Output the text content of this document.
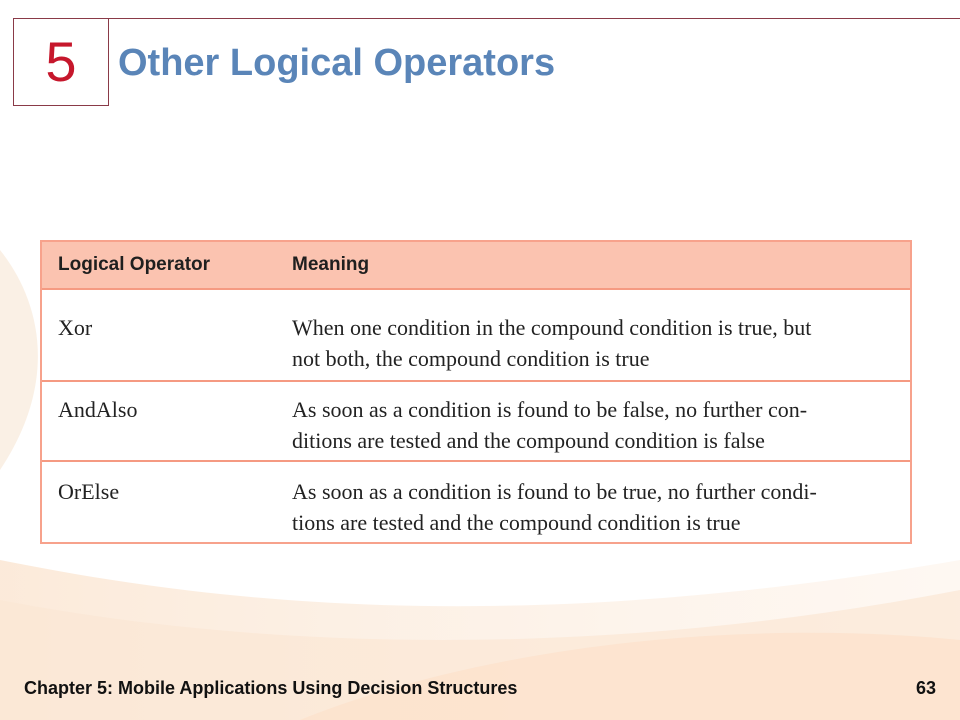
5 Other Logical Operators
Logical Operator	Meaning
Xor	When one condition in the compound condition is true, but
not both, the compound condition is true
AndAlso	As soon as a condition is found to be false, no further con-
ditions are tested and the compound condition is false
OrElse	As soon as a condition is found to be true, no further condi-
tions are tested and the compound condition is true
Chapter 5: Mobile Applications Using Decision Structures	63
